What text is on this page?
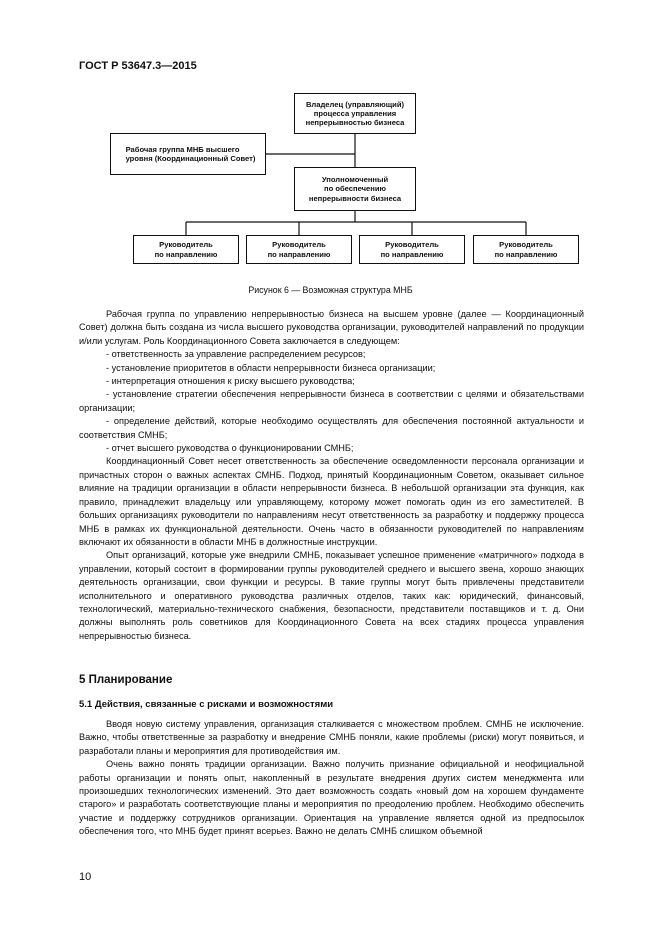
ГОСТ Р 53647.3—2015
Владелец (управляющий)
процесса управления
непрерывностью бизнеса
Рабочая группа МНБ высшего
уровня (Координационный Совет)
Уполномоченный
по обеспечению
непрерывности бизнеса
Руководитель
по направлению
Руководитель
по направлению
Руководитель
по направлению
Руководитель
по направлению
Рисунок 6 — Возможная структура МНБ

Рабочая группа по управлению непрерывностью бизнеса на высшем уровне (далее — Координационный Совет) должна быть создана из числа высшего руководства организации, руководителей направлений по продукции и/или услугам. Роль Координационного Совета заключается в следующем:

- ответственность за управление распределением ресурсов;

- установление приоритетов в области непрерывности бизнеса организации;

- интерпретация отношения к риску высшего руководства;

- установление стратегии обеспечения непрерывности бизнеса в соответствии с целями и обязательствами организации;

- определение действий, которые необходимо осуществлять для обеспечения постоянной актуальности и соответствия СМНБ;

- отчет высшего руководства о функционировании СМНБ;

Координационный Совет несет ответственность за обеспечение осведомленности персонала организации и причастных сторон о важных аспектах СМНБ. Подход, принятый Координационным Советом, оказывает сильное влияние на традиции организации в области непрерывности бизнеса. В небольшой организации эта функция, как правило, принадлежит владельцу или управляющему, которому может помогать один из его заместителей. В больших организациях руководители по направлениям несут ответственность за разработку и поддержку процесса МНБ в рамках их функциональной деятельности. Очень часто в обязанности руководителей по направлениям включают их обязанности в области МНБ в должностные инструкции.

Опыт организаций, которые уже внедрили СМНБ, показывает успешное применение «матричного» подхода в управлении, который состоит в формировании группы руководителей среднего и высшего звена, хорошо знающих деятельность организации, свои функции и ресурсы. В такие группы могут быть привлечены представители исполнительного и оперативного руководства различных отделов, таких как: юридический, финансовый, технологический, материально-технического снабжения, безопасности, представители поставщиков и т. д. Они должны выполнять роль советников для Координационного Совета на всех стадиях процесса управления непрерывностью бизнеса.

5 Планирование
5.1 Действия, связанные с рисками и возможностями

Вводя новую систему управления, организация сталкивается с множеством проблем. СМНБ не исключение. Важно, чтобы ответственные за разработку и внедрение СМНБ поняли, какие проблемы (риски) могут появиться, и разработали планы и мероприятия для противодействия им.

Очень важно понять традиции организации. Важно получить признание официальной и неофициальной работы организации и понять опыт, накопленный в результате внедрения других систем менеджмента или произошедших технологических изменений. Это дает возможность создать «новый дом на хорошем фундаменте старого» и разработать соответствующие планы и мероприятия по преодолению проблем. Необходимо обеспечить участие и поддержку сотрудников организации. Ориентация на управление является одной из предпосылок обеспечения того, что МНБ будет принят всерьез. Важно не делать СМНБ слишком объемной

10
